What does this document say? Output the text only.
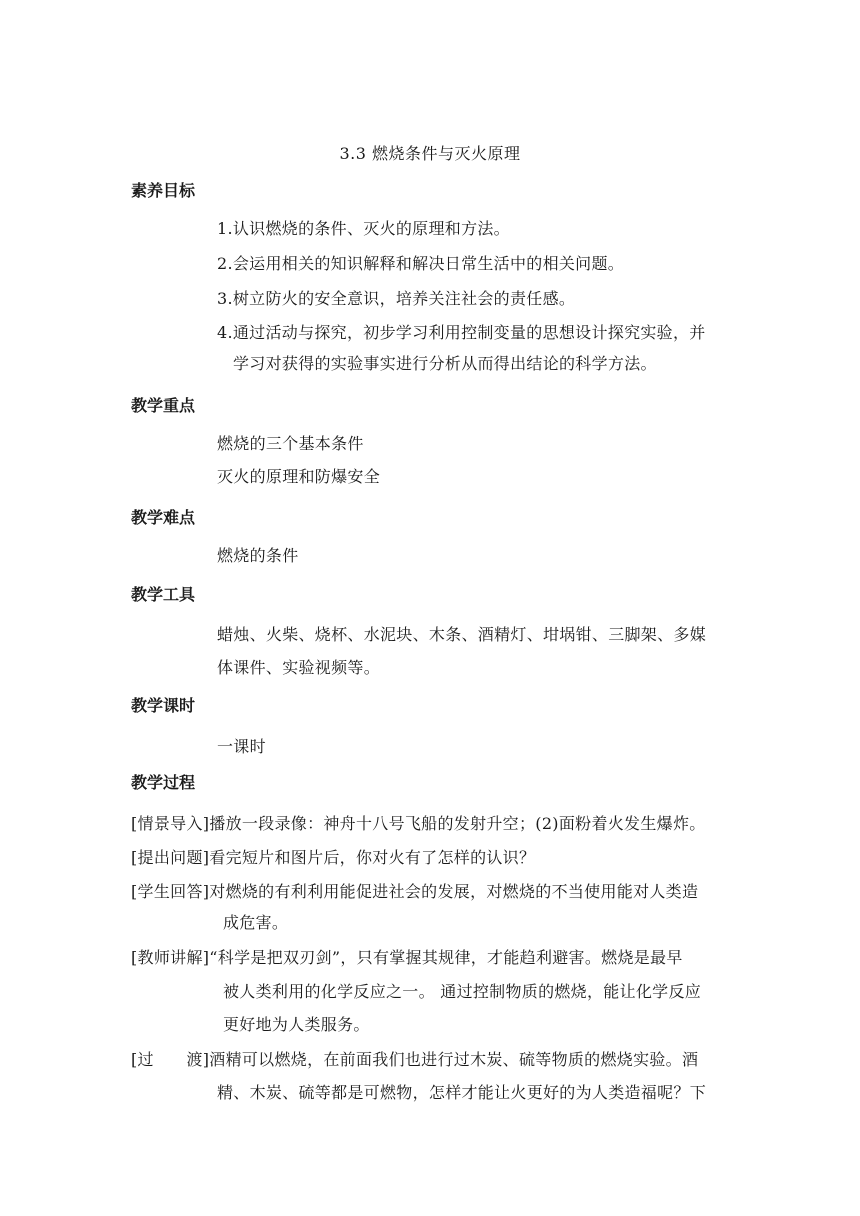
3.3 燃烧条件与灭火原理
素养目标
1.认识燃烧的条件、灭火的原理和方法。
2.会运用相关的知识解释和解决日常生活中的相关问题。
3.树立防火的安全意识，培养关注社会的责任感。
4.通过活动与探究，初步学习利用控制变量的思想设计探究实验，并
学习对获得的实验事实进行分析从而得出结论的科学方法。
教学重点
燃烧的三个基本条件
灭火的原理和防爆安全
教学难点
燃烧的条件
教学工具
蜡烛、火柴、烧杯、水泥块、木条、酒精灯、坩埚钳、三脚架、多媒
体课件、实验视频等。
教学课时
一课时
教学过程
[情景导入]播放一段录像：神舟十八号飞船的发射升空；(2)面粉着火发生爆炸。
[提出问题]看完短片和图片后，你对火有了怎样的认识？
[学生回答]对燃烧的有利利用能促进社会的发展，对燃烧的不当使用能对人类造
成危害。
[教师讲解]“科学是把双刃剑”，只有掌握其规律，才能趋利避害。燃烧是最早
被人类利用的化学反应之一。 通过控制物质的燃烧，能让化学反应
更好地为人类服务。
[过　　渡]酒精可以燃烧，在前面我们也进行过木炭、硫等物质的燃烧实验。酒
精、木炭、硫等都是可燃物，怎样才能让火更好的为人类造福呢？下
